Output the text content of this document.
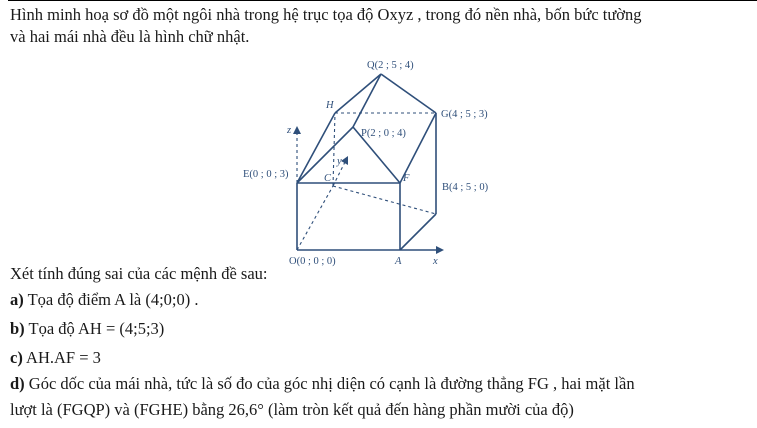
Hình minh hoạ sơ đồ một ngôi nhà trong hệ trục tọa độ Oxyz , trong đó nền nhà, bốn bức tường
và hai mái nhà đều là hình chữ nhật.
Q(2 ; 5 ; 4)
H
G(4 ; 5 ; 3)
z	P(2 ; 0 ; 4)
y
E(0 ; 0 ; 3)	C	F
B(4 ; 5 ; 0)
O(0 ; 0 ; 0)	A	x
Xét tính đúng sai của các mệnh đề sau:
a) Tọa độ điểm A là (4;0;0) .
b) Tọa độ AH = (4;5;3)
c) AH.AF = 3
d) Góc dốc của mái nhà, tức là số đo của góc nhị diện có cạnh là đường thẳng FG , hai mặt lần
lượt là (FGQP) và (FGHE) bằng 26,6° (làm tròn kết quả đến hàng phần mười của độ)
